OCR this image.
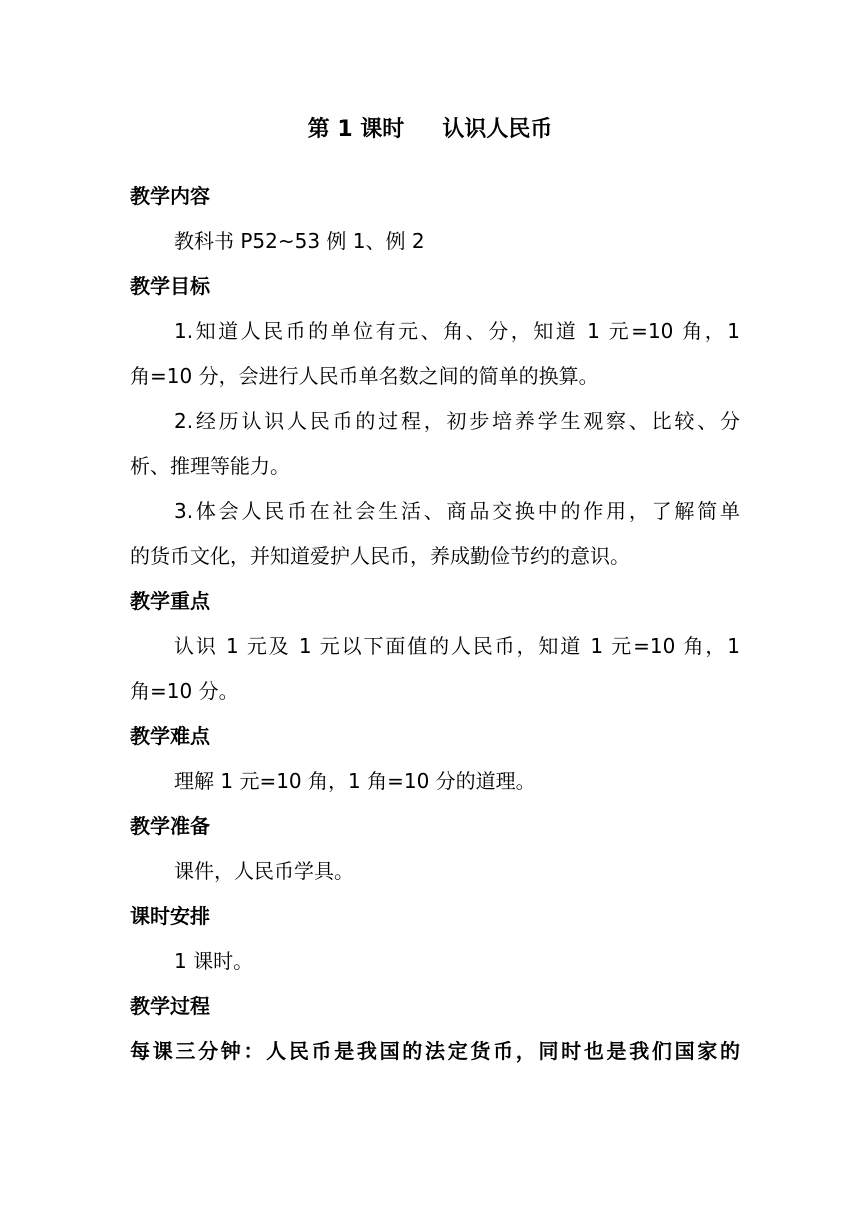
第 1 课时 认识人民币
教学内容
教科书 P52~53 例 1、例 2
教学目标
1.知道人民币的单位有元、角、分，知道 1 元=10 角，1
角=10 分，会进行人民币单名数之间的简单的换算。
2.经历认识人民币的过程，初步培养学生观察、比较、分
析、推理等能力。
3.体会人民币在社会生活、商品交换中的作用，了解简单
的货币文化，并知道爱护人民币，养成勤俭节约的意识。
教学重点
认识 1 元及 1 元以下面值的人民币，知道 1 元=10 角，1
角=10 分。
教学难点
理解 1 元=10 角，1 角=10 分的道理。
教学准备
课件，人民币学具。
课时安排
1 课时。
教学过程
每课三分钟：人民币是我国的法定货币，同时也是我们国家的
